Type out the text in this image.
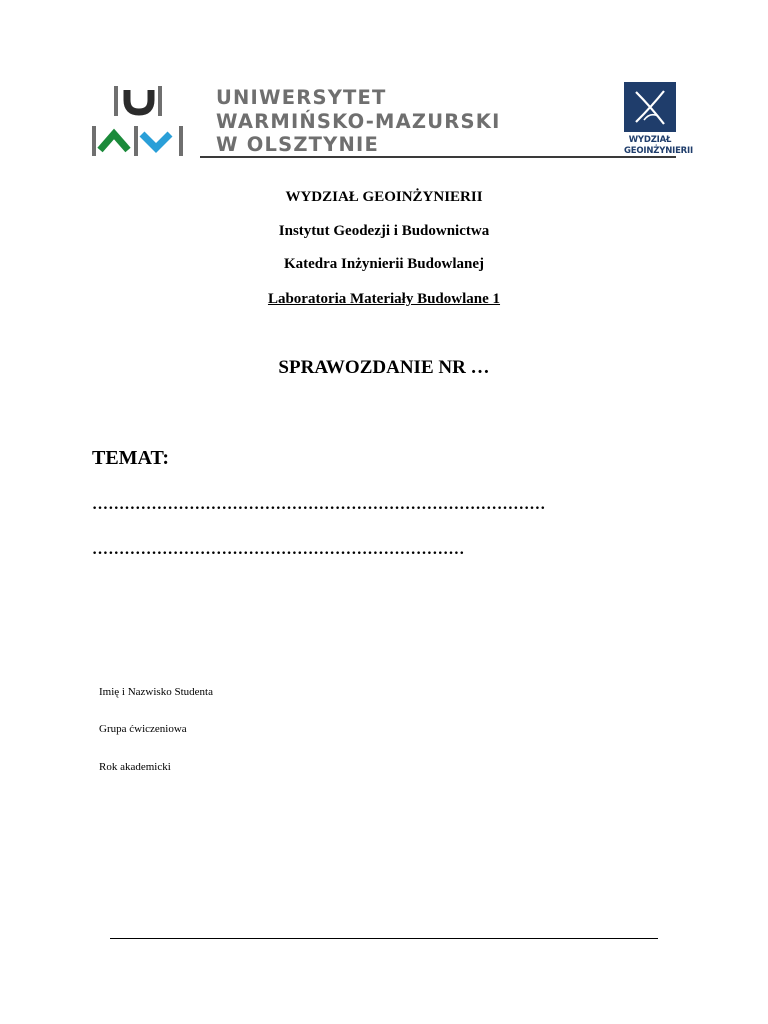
UNIWERSYTET
WARMIŃSKO-MAZURSKI
W OLSZTYNIE	WYDZIAŁ
GEOINŻYNIERII
WYDZIAŁ GEOINŻYNIERII
Instytut Geodezji i Budownictwa
Katedra Inżynierii Budowlanej
Laboratoria Materiały Budowlane 1
SPRAWOZDANIE NR …
TEMAT:
…………………………………………………………………………
……………………………………………………………
Imię i Nazwisko Studenta
Grupa ćwiczeniowa
Rok akademicki
